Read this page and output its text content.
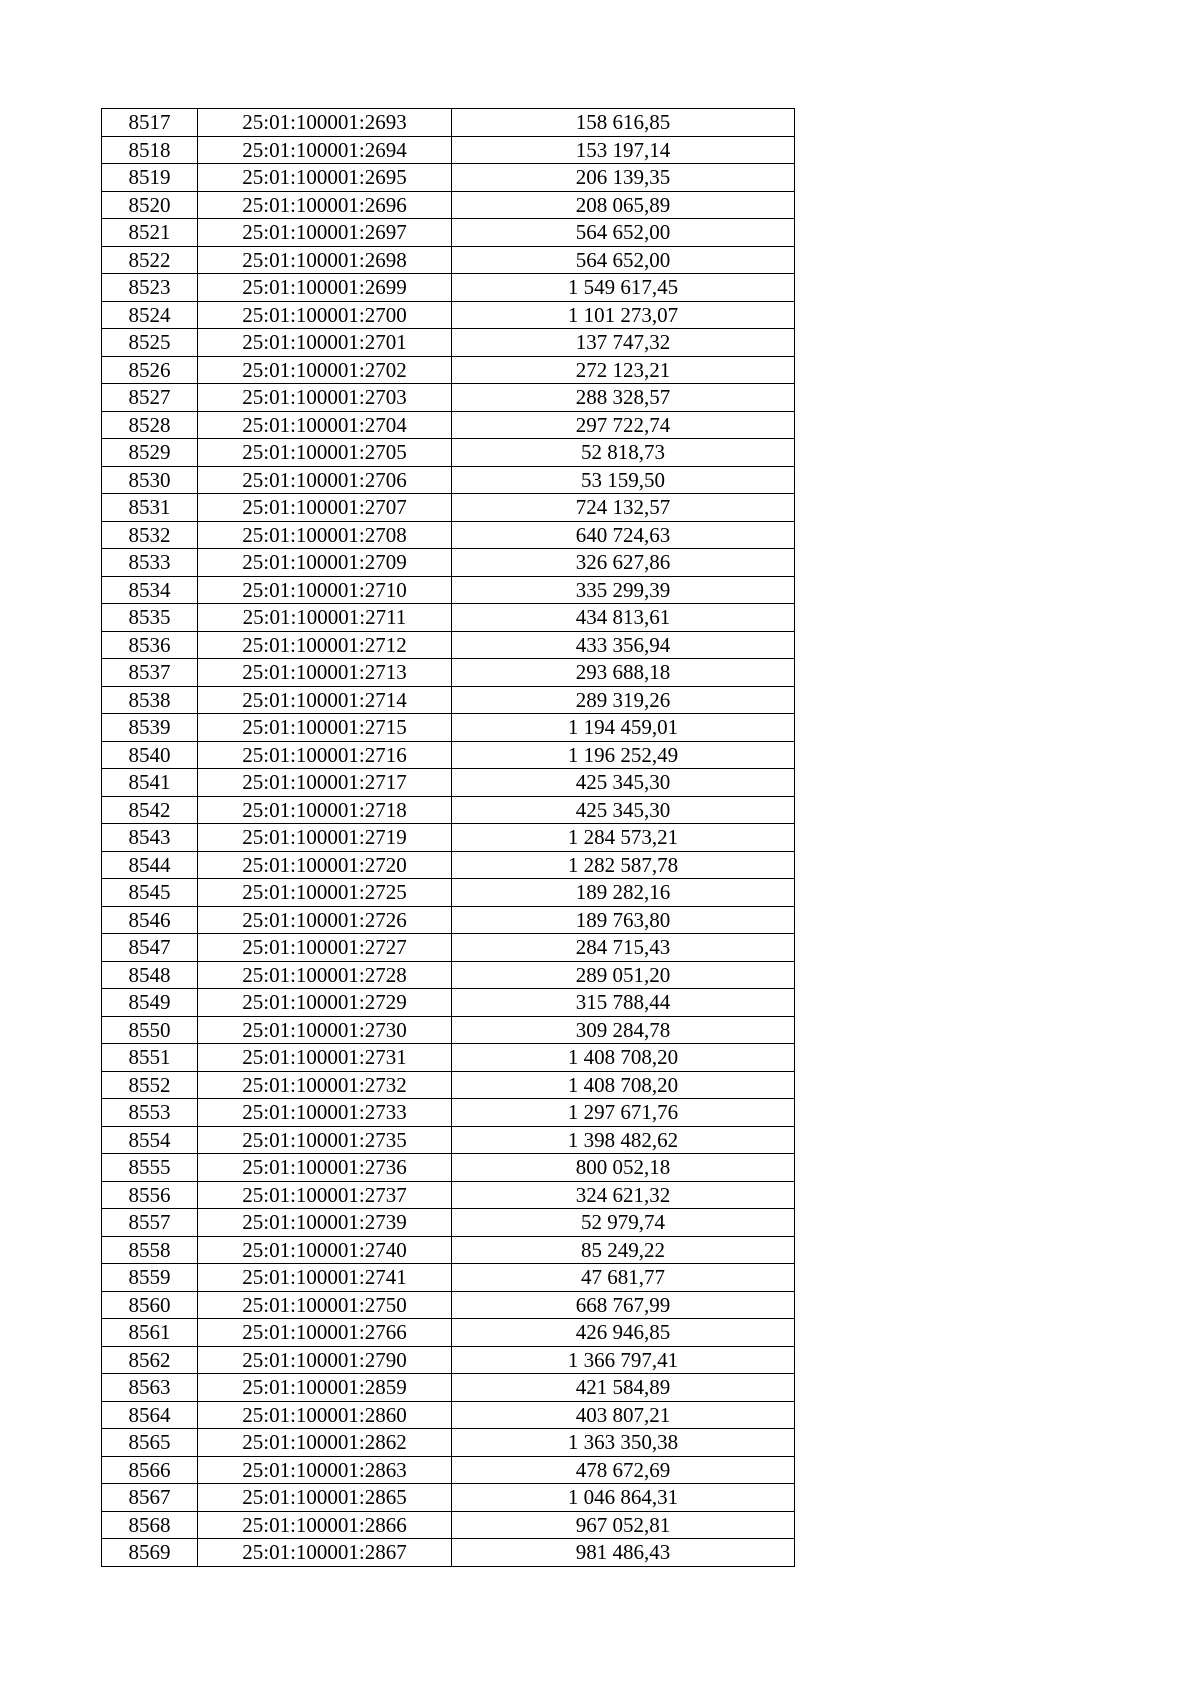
8517	25:01:100001:2693	158 616,85
8518	25:01:100001:2694	153 197,14
8519	25:01:100001:2695	206 139,35
8520	25:01:100001:2696	208 065,89
8521	25:01:100001:2697	564 652,00
8522	25:01:100001:2698	564 652,00
8523	25:01:100001:2699	1 549 617,45
8524	25:01:100001:2700	1 101 273,07
8525	25:01:100001:2701	137 747,32
8526	25:01:100001:2702	272 123,21
8527	25:01:100001:2703	288 328,57
8528	25:01:100001:2704	297 722,74
8529	25:01:100001:2705	52 818,73
8530	25:01:100001:2706	53 159,50
8531	25:01:100001:2707	724 132,57
8532	25:01:100001:2708	640 724,63
8533	25:01:100001:2709	326 627,86
8534	25:01:100001:2710	335 299,39
8535	25:01:100001:2711	434 813,61
8536	25:01:100001:2712	433 356,94
8537	25:01:100001:2713	293 688,18
8538	25:01:100001:2714	289 319,26
8539	25:01:100001:2715	1 194 459,01
8540	25:01:100001:2716	1 196 252,49
8541	25:01:100001:2717	425 345,30
8542	25:01:100001:2718	425 345,30
8543	25:01:100001:2719	1 284 573,21
8544	25:01:100001:2720	1 282 587,78
8545	25:01:100001:2725	189 282,16
8546	25:01:100001:2726	189 763,80
8547	25:01:100001:2727	284 715,43
8548	25:01:100001:2728	289 051,20
8549	25:01:100001:2729	315 788,44
8550	25:01:100001:2730	309 284,78
8551	25:01:100001:2731	1 408 708,20
8552	25:01:100001:2732	1 408 708,20
8553	25:01:100001:2733	1 297 671,76
8554	25:01:100001:2735	1 398 482,62
8555	25:01:100001:2736	800 052,18
8556	25:01:100001:2737	324 621,32
8557	25:01:100001:2739	52 979,74
8558	25:01:100001:2740	85 249,22
8559	25:01:100001:2741	47 681,77
8560	25:01:100001:2750	668 767,99
8561	25:01:100001:2766	426 946,85
8562	25:01:100001:2790	1 366 797,41
8563	25:01:100001:2859	421 584,89
8564	25:01:100001:2860	403 807,21
8565	25:01:100001:2862	1 363 350,38
8566	25:01:100001:2863	478 672,69
8567	25:01:100001:2865	1 046 864,31
8568	25:01:100001:2866	967 052,81
8569	25:01:100001:2867	981 486,43
